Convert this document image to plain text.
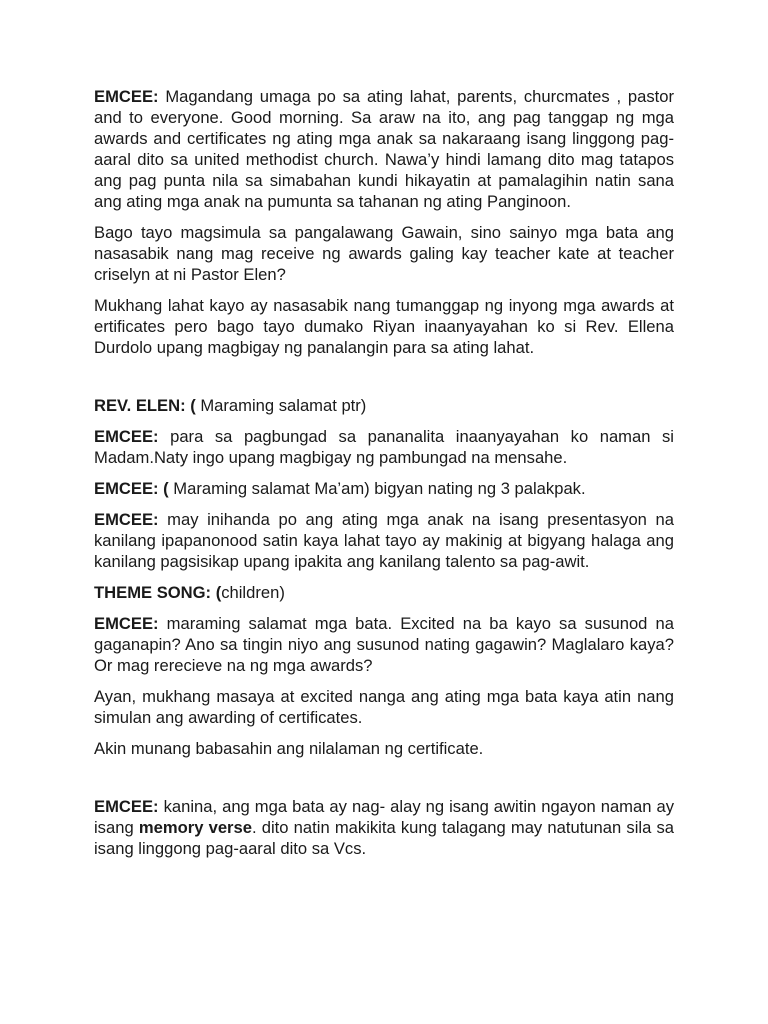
EMCEE: Magandang umaga po sa ating lahat, parents, churcmates , pastor and to everyone. Good morning. Sa araw na ito, ang pag tanggap ng mga awards and certificates ng ating mga anak sa nakaraang isang linggong pag-aaral dito sa united methodist church. Nawa’y hindi lamang dito mag tatapos ang pag punta nila sa simabahan kundi hikayatin at pamalagihin natin sana ang ating mga anak na pumunta sa tahanan ng ating Panginoon.

Bago tayo magsimula sa pangalawang Gawain, sino sainyo mga bata ang nasasabik nang mag receive ng awards galing kay teacher kate at teacher criselyn at ni Pastor Elen?

Mukhang lahat kayo ay nasasabik nang tumanggap ng inyong mga awards at ertificates pero bago tayo dumako Riyan inaanyayahan ko si Rev. Ellena Durdolo upang magbigay ng panalangin para sa ating lahat.

REV. ELEN: ( Maraming salamat ptr)

EMCEE: para sa pagbungad sa pananalita inaanyayahan ko naman si Madam.Naty ingo upang magbigay ng pambungad na mensahe.

EMCEE: ( Maraming salamat Ma’am) bigyan nating ng 3 palakpak.

EMCEE: may inihanda po ang ating mga anak na isang presentasyon na kanilang ipapanonood satin kaya lahat tayo ay makinig at bigyang halaga ang kanilang pagsisikap upang ipakita ang kanilang talento sa pag-awit.

THEME SONG: (children)

EMCEE: maraming salamat mga bata. Excited na ba kayo sa susunod na gaganapin? Ano sa tingin niyo ang susunod nating gagawin? Maglalaro kaya? Or mag rerecieve na ng mga awards?

Ayan, mukhang masaya at excited nanga ang ating mga bata kaya atin nang simulan ang awarding of certificates.

Akin munang babasahin ang nilalaman ng certificate.

EMCEE: kanina, ang mga bata ay nag- alay ng isang awitin ngayon naman ay isang memory verse. dito natin makikita kung talagang may natutunan sila sa isang linggong pag-aaral dito sa Vcs.
